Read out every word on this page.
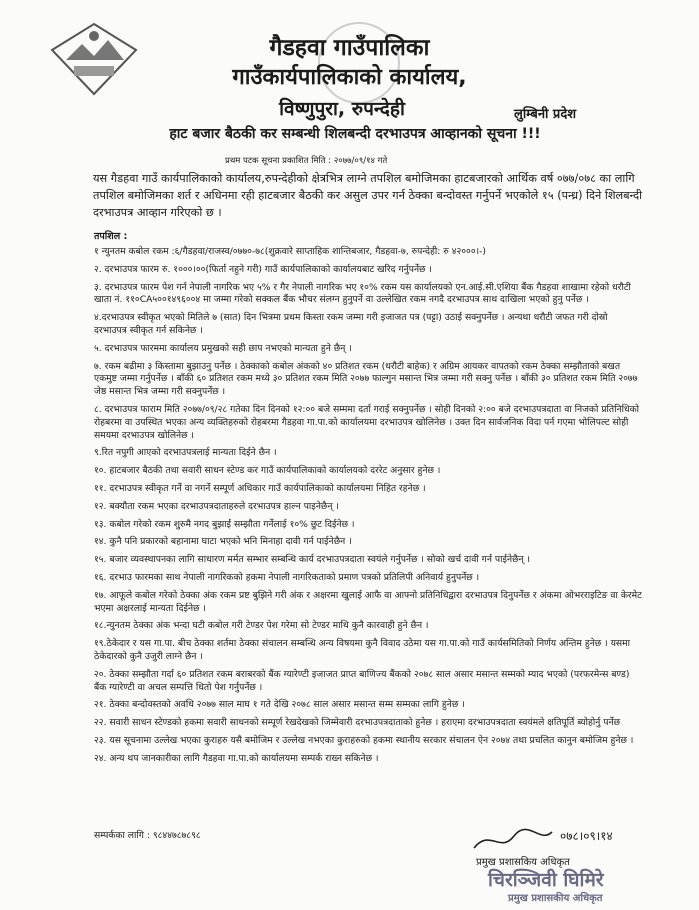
गैडहवा गाउँपालिका
गाउँकार्यपालिकाको कार्यालय,
विष्णुपुरा, रुपन्देही	लुम्बिनी प्रदेश
हाट बजार बैठकी कर सम्बन्धी शिलबन्दी दरभाउपत्र आव्हानको सूचना !!!
प्रथम पटक सूचना प्रकाशित मिति : २०७७/०९/१४ गते
यस गैडहवा गाउँ कार्यपालिकाको कार्यालय,रुपन्देहीको क्षेत्रभित्र लाग्ने तपशिल बमोजिमका हाटबजारको आर्थिक वर्ष ०७७/०७८ का लागि तपशिल बमोजिमका शर्त र अधिनमा रही हाटबजार बैठकी कर असुल उपर गर्न ठेक्का बन्दोवस्त गर्नुपर्ने भएकोले १५ (पन्ध्र) दिने शिलबन्दी दरभाउपत्र आव्हान गरिएको छ ।
तपशिल :
१ न्युनतम कबोल रकम :६/गैडहवा/राजस्व/०७७०-७८(शुक्रवारे साप्ताहिक शान्तिबजार, गैडहवा-७, रुपन्देही: रु ४२०००।-)
२. दरभाउपत्र फारम रु. १०००।००(फिर्ता नहुने गरी) गाउँ कार्यपालिकाको कार्यालयबाट खरिद गर्नुपर्नेछ ।
३. दरभाउपत्र फारम पेश गर्न नेपाली नागरिक भए ५% र गैर नेपाली नागरिक भए १०% रकम यस कार्यालयको एन.आई.सी.एशिया बैंक गैडहवा शाखामा रहेको धरौटी खाता नं. ११०CA५००१४९६००४ मा जम्मा गरेको सक्कल बैंक भौचर संलग्न हुनुपर्ने वा उल्लेखित रकम नगदै दरभाउपत्र साथ दाखिला भएको हुनु पर्नेछ ।
४.दरभाउपत्र स्वीकृत भएको मितिले ७ (सात) दिन भित्रमा प्रथम किस्ता रकम जम्मा गरी इजाजत पत्र (पट्टा) उठाई सक्नुपर्नेछ । अन्यथा धरौटी जफत गरी दोस्रो दरभाउपत्र स्वीकृत गर्न सकिनेछ ।
५. दरभाउपत्र फारममा कार्यालय प्रमुखको सही छाप नभएको मान्यता हुने छैन् ।
७. रकम बढीमा ३ किस्तामा बुझाउनु पर्नेछ । ठेक्काको कबोल अंकको ४० प्रतिशत रकम (धरौटी बाहेक) र अग्रिम आयकर वापतको रकम ठेक्का सम्झौताको बखत एकमुष्ट जम्मा गर्नुपर्नेछ । बाँकी ६० प्रतिशत रकम मध्ये ३० प्रतिशत रकम मिति २०७७ फाल्गुन मसान्त भित्र जम्मा गरी सक्नु पर्नेछ । बाँकी ३० प्रतिशत रकम मिति २०७७ जेष्ठ मसान्त भित्र जम्मा गरी सक्नुपर्नेछ ।
८. दरभाउपत्र फाराम मिति २०७७/०९/२८ गतेका दिन दिनको १२:०० बजे सम्ममा दर्ता गराई सक्नुपर्नेछ । सोही दिनको २:०० बजे दरभाउपत्रदाता वा निजको प्रतिनिधिको रोहबरमा वा उपस्थित भएका अन्य व्यक्तिहरुको रोहबरमा गैडहवा गा.पा.को कार्यालयमा दरभाउपत्र खोलिनेछ । उक्त दिन सार्वजनिक विदा पर्न गएमा भोलिपल्ट सोही समयमा दरभाउपत्र खोलिनेछ ।
९.रित नपुगी आएको दरभाउपत्रलाई मान्यता दिईने छैन ।
१०. हाटबजार बैठकी तथा सवारी साधन स्टेण्ड कर गाउँ कार्यपालिकाको कार्यालयको दररेट अनुसार हुनेछ ।
११. दरभाउपत्र स्वीकृत गर्ने वा नगर्ने सम्पूर्ण अधिकार गाउँ कार्यपालिकाको कार्यालयमा निहित रहनेछ ।
१२. बक्यौता रकम भएका दरभाउपत्रदाताहरुले दरभाउपत्र हाल्न पाइनेछैन् ।
१३. कबोल गरेको रकम शुरुमै नगद बुझाई सम्झौता गर्नेलाई १०% छुट दिईनेछ ।
१४. कुनै पनि प्रकारको बहानामा घाटा भएको भनि मिनाहा दावी गर्न पाईनेछैन ।
१५. बजार व्यवस्थापनका लागि साधारण मर्मत सम्भार सम्बन्धि कार्य दरभाउपत्रदाता स्वयंले गर्नुपर्नेछ । सोको खर्च दावी गर्न पाईनेछैन् ।
१६. दरभाउ फारमका साथ नेपाली नागरिकको हकमा नेपाली नागरिकताको प्रमाण पत्रको प्रतिलिपी अनिवार्य हुनुपर्नेछ ।
१७. आफूले कबोल गरेको ठेक्का अंक रकम प्रष्ट बुझिने गरी अंक र अक्षरमा खुलाई आफै वा आफ्नो प्रतिनिधिद्वारा दरभाउपत्र दिनुपर्नेछ र अंकमा ओभरराइटिङ वा केरमेट भएमा अक्षरलाई मान्यता दिईनेछ ।
१८.न्युनतम ठेक्का अंक भन्दा घटी कबोल गरी टेण्डर पेश गरेमा सो टेण्डर माथि कुनै कारवाही हुने छैन ।
१९.ठेकेदार र यस गा.पा. बीच ठेक्का शर्तमा ठेक्का संचालन सम्बन्धि अन्य विषयमा कुनै विवाद उठेमा यस गा.पा.को गाउँ कार्यसमितिको निर्णय अन्तिम हुनेछ । यसमा ठेकेदारको कुनै उजुरी लाग्ने छैन ।
२०. ठेक्का सम्झौता गर्दा ६० प्रतिशत रकम बराबरको बैंक ग्यारेण्टी इजाजत प्राप्त बाणिज्य बैंकको २०७८ साल असार मसान्त सम्मको म्याद भएको (परफरमेन्स बण्ड) बैंक ग्यारेण्टी वा अचल सम्पत्ति धितो पेश गर्नुपर्नेछ ।
२१. ठेक्का बन्दोवस्तको अवधि २०७७ साल माघ १ गते देखि २०७८ साल असार मसान्त सम्म सम्मका लागि हुनेछ ।
२२. सवारी साधन स्टेण्डको हकमा सवारी साधनको सम्पूर्ण रेखदेखको जिम्मेवारी दरभाउपत्रदाताको हुनेछ । हराएमा दरभाउपत्रदाता स्वयंमले क्षतिपूर्ति ब्योहोर्नु पर्नेछ
२३. यस सूचनामा उल्लेख भएका कुराहरु यसै बमोजिम र उल्लेख नभएका कुराहरुको हकमा स्थानीय सरकार संचालन ऐन २०७४ तथा प्रचलित कानुन बमोजिम हुनेछ ।
२४. अन्य थप जानकारीका लागि गैडहवा गा.पा.को कार्यालयमा सम्पर्क राख्न सकिनेछ ।
सम्पर्कका लागि : ९८४४७८७८९८	०७८।०९।१४
प्रमुख प्रशासकिय अधिकृत
चिरञ्जिवी घिमिरे
प्रमुख प्रशासकीय अधिकृत
